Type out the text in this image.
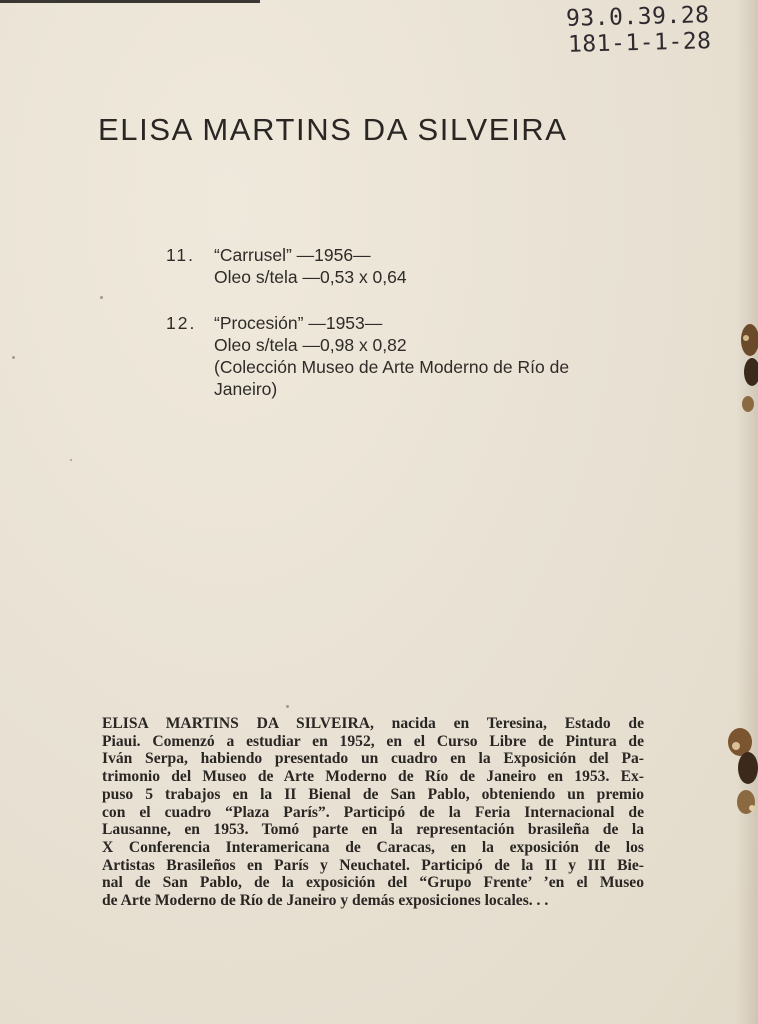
93.0.39.28
181-1-1-28
ELISA MARTINS DA SILVEIRA
11. “Carrusel” —1956—
Oleo s/tela —0,53 x 0,64
12. “Procesión” —1953—
Oleo s/tela —0,98 x 0,82
(Colección Museo de Arte Moderno de Río de
Janeiro)
ELISA MARTINS DA SILVEIRA, nacida en Teresina, Estado de
Piaui. Comenzó a estudiar en 1952, en el Curso Libre de Pintura de
Iván Serpa, habiendo presentado un cuadro en la Exposición del Pa-
trimonio del Museo de Arte Moderno de Río de Janeiro en 1953. Ex-
puso 5 trabajos en la II Bienal de San Pablo, obteniendo un premio
con el cuadro “Plaza París”. Participó de la Feria Internacional de
Lausanne, en 1953. Tomó parte en la representación brasileña de la
X Conferencia Interamericana de Caracas, en la exposición de los
Artistas Brasileños en París y Neuchatel. Participó de la II y III Bie-
nal de San Pablo, de la exposición del “Grupo Frente’ ’en el Museo
de Arte Moderno de Río de Janeiro y demás exposiciones locales. . .
